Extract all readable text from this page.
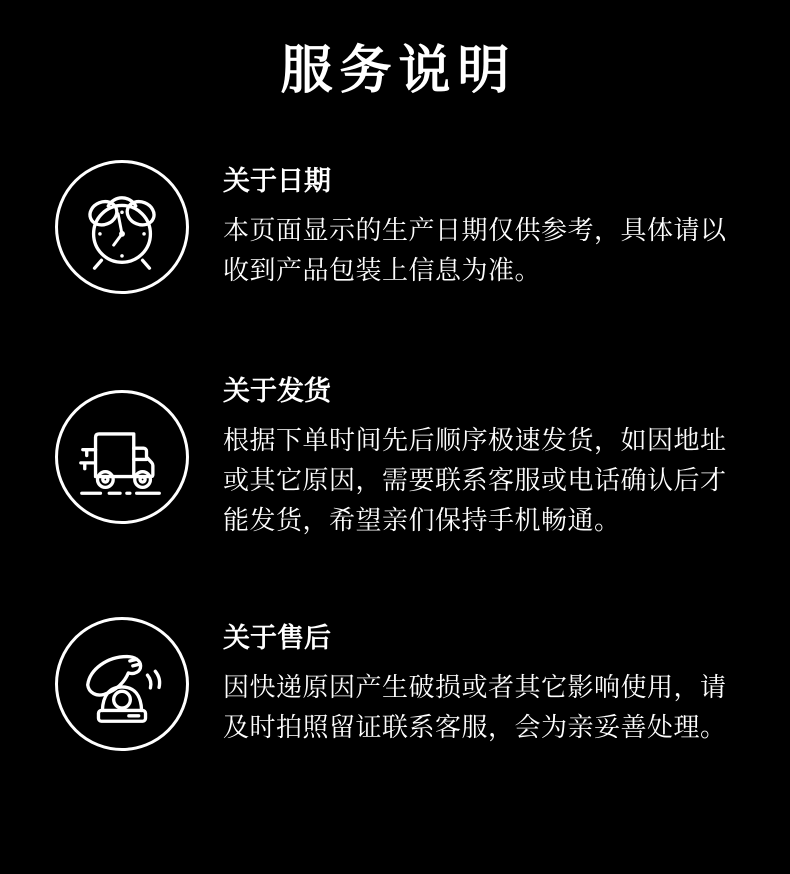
服务说明
关于日期
本页面显示的生产日期仅供参考，具体请以
收到产品包装上信息为准。
关于发货
根据下单时间先后顺序极速发货，如因地址
或其它原因，需要联系客服或电话确认后才
能发货，希望亲们保持手机畅通。
关于售后
因快递原因产生破损或者其它影响使用，请
及时拍照留证联系客服，会为亲妥善处理。
